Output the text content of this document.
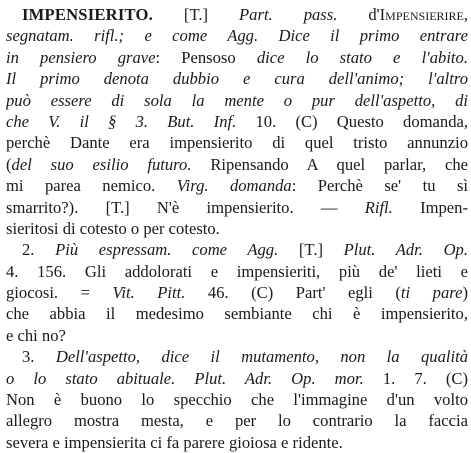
IMPENSIERITO. [T.] Part. pass. d'Impensierire,
segnatam. rifl.; e come Agg. Dice il primo entrare
in pensiero grave: Pensoso dice lo stato e l'abito.
Il primo denota dubbio e cura dell'animo; l'altro
può essere di sola la mente o pur dell'aspetto, di
che V. il § 3. But. Inf. 10. (C) Questo domanda,
perchè Dante era impensierito di quel tristo annunzio
(del suo esilio futuro. Ripensando A quel parlar, che
mi parea nemico. Virg. domanda: Perchè se' tu sì
smarrito?). [T.] N'è impensierito. — Rifl. Impen-
sieritosi di cotesto o per cotesto.
2. Più espressam. come Agg. [T.] Plut. Adr. Op.
4. 156. Gli addolorati e impensieriti, più de' lieti e
giocosi. = Vit. Pitt. 46. (C) Part' egli (ti pare)
che abbia il medesimo sembiante chi è impensierito,
e chi no?
3. Dell'aspetto, dice il mutamento, non la qualità
o lo stato abituale. Plut. Adr. Op. mor. 1. 7. (C)
Non è buono lo specchio che l'immagine d'un volto
allegro mostra mesta, e per lo contrario la faccia
severa e impensierita ci fa parere gioiosa e ridente.
